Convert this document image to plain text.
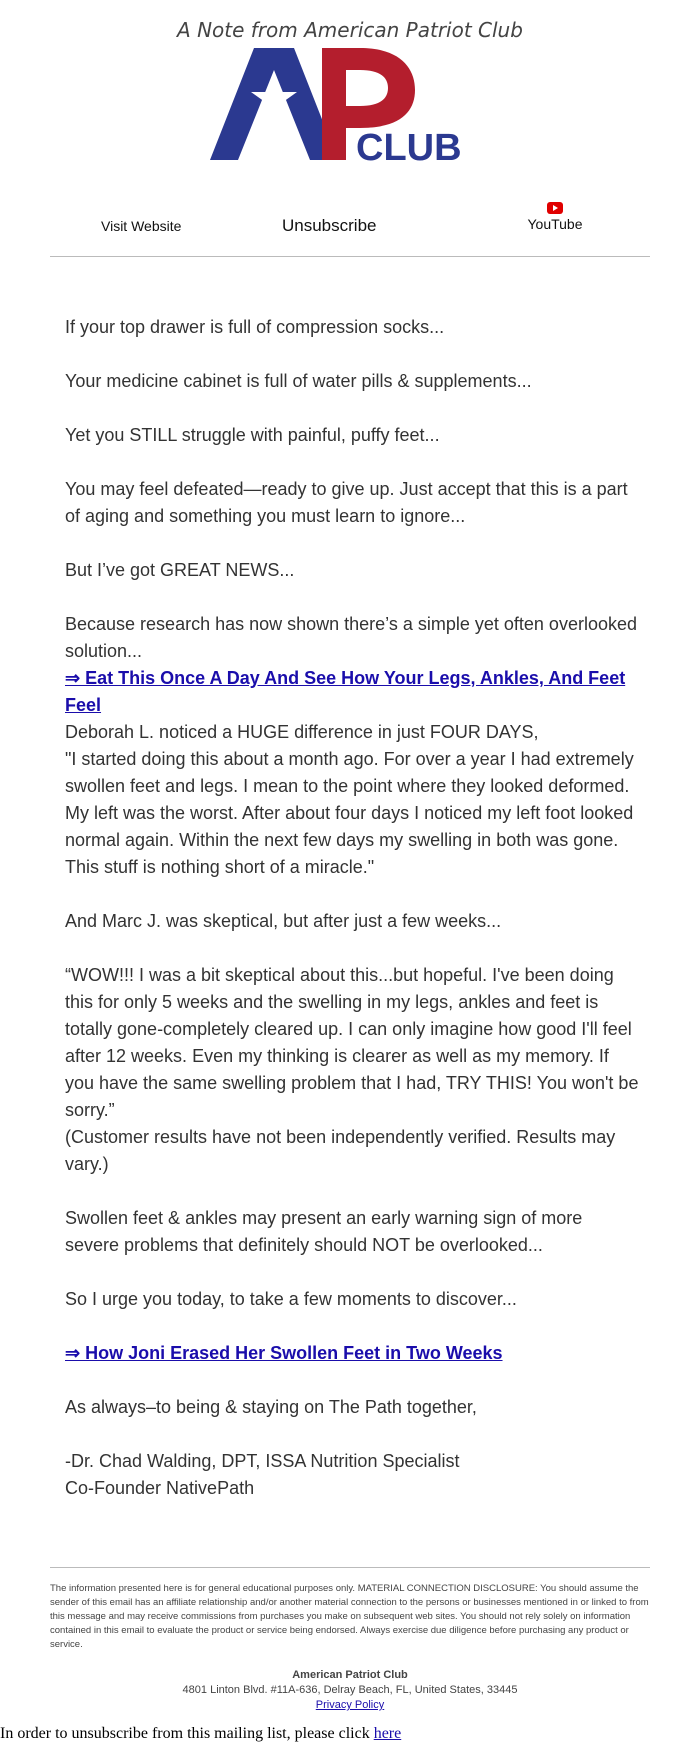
A Note from American Patriot Club
CLUB
Visit Website	Unsubscribe	YouTube

If your top drawer is full of compression socks...

Your medicine cabinet is full of water pills & supplements...

Yet you STILL struggle with painful, puffy feet...

You may feel defeated—ready to give up. Just accept that this is a part of aging and something you must learn to ignore...

But I’ve got GREAT NEWS...

Because research has now shown there’s a simple yet often overlooked solution...

⇒ Eat This Once A Day And See How Your Legs, Ankles, And Feet Feel

Deborah L. noticed a HUGE difference in just FOUR DAYS,

"I started doing this about a month ago. For over a year I had extremely swollen feet and legs. I mean to the point where they looked deformed. My left was the worst. After about four days I noticed my left foot looked normal again. Within the next few days my swelling in both was gone. This stuff is nothing short of a miracle."

And Marc J. was skeptical, but after just a few weeks...

“WOW!!! I was a bit skeptical about this...but hopeful. I've been doing this for only 5 weeks and the swelling in my legs, ankles and feet is totally gone-completely cleared up. I can only imagine how good I'll feel after 12 weeks. Even my thinking is clearer as well as my memory. If you have the same swelling problem that I had, TRY THIS! You won't be sorry.”

(Customer results have not been independently verified. Results may vary.)

Swollen feet & ankles may present an early warning sign of more severe problems that definitely should NOT be overlooked...

So I urge you today, to take a few moments to discover...

⇒ How Joni Erased Her Swollen Feet in Two Weeks

As always–to being & staying on The Path together,

-Dr. Chad Walding, DPT, ISSA Nutrition Specialist

Co-Founder NativePath

The information presented here is for general educational purposes only. MATERIAL CONNECTION DISCLOSURE: You should assume the sender of this email has an affiliate relationship and/or another material connection to the persons or businesses mentioned in or linked to from this message and may receive commissions from purchases you make on subsequent web sites. You should not rely solely on information contained in this email to evaluate the product or service being endorsed. Always exercise due diligence before purchasing any product or service.
American Patriot Club
4801 Linton Blvd. #11A-636, Delray Beach, FL, United States, 33445
Privacy Policy
In order to unsubscribe from this mailing list, please click here
